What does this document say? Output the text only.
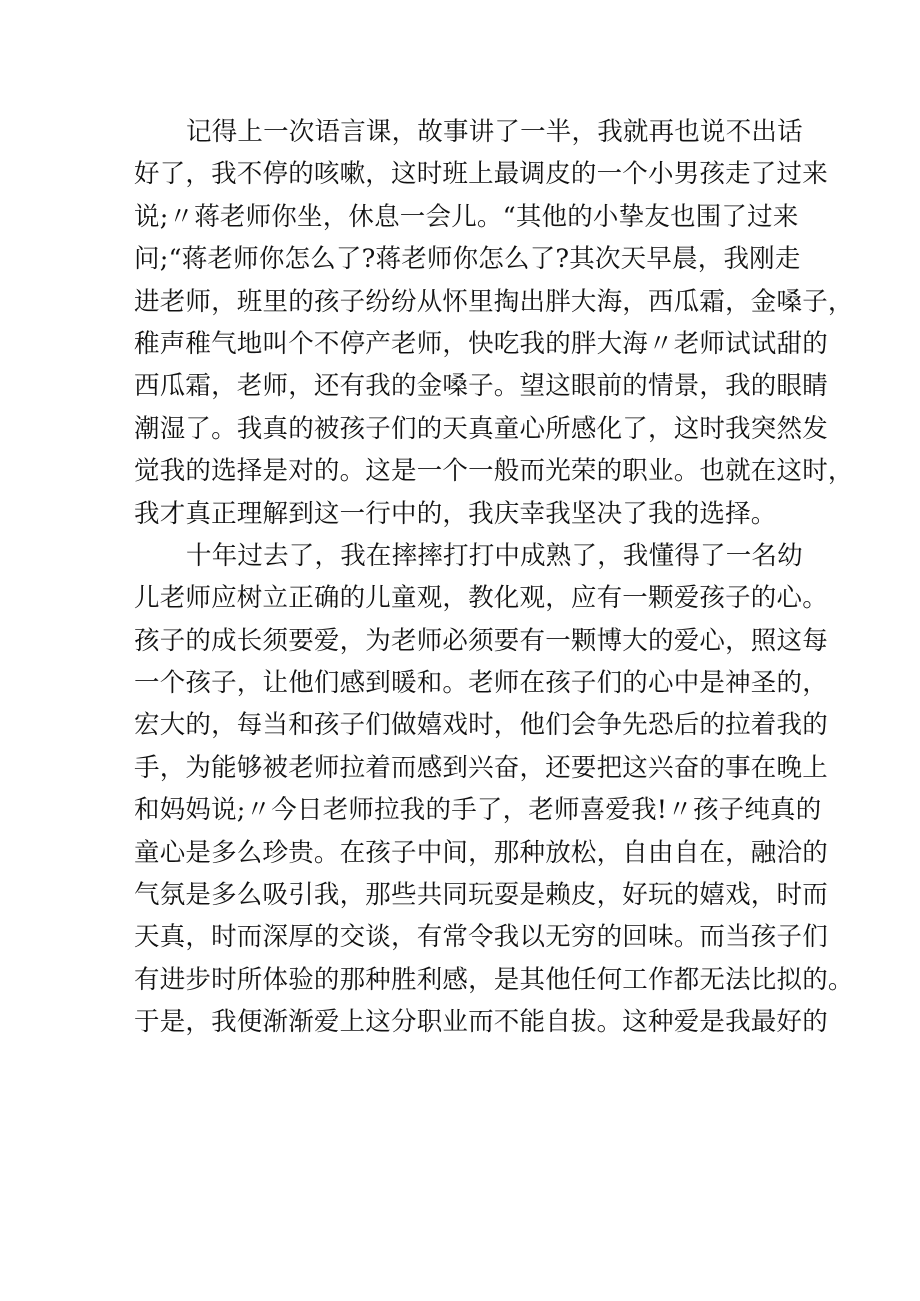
记得上一次语言课，故事讲了一半，我就再也说不出话

好了，我不停的咳嗽，这时班上最调皮的一个小男孩走了过来

说;〃蒋老师你坐，休息一会儿。“其他的小挚友也围了过来

问;“蒋老师你怎么了?蒋老师你怎么了?其次天早晨，我刚走

进老师，班里的孩子纷纷从怀里掏出胖大海，西瓜霜，金嗓子，

稚声稚气地叫个不停产老师，快吃我的胖大海〃老师试试甜的

西瓜霜，老师，还有我的金嗓子。望这眼前的情景，我的眼睛

潮湿了。我真的被孩子们的天真童心所感化了，这时我突然发

觉我的选择是对的。这是一个一般而光荣的职业。也就在这时，

我才真正理解到这一行中的，我庆幸我坚决了我的选择。

十年过去了，我在摔摔打打中成熟了，我懂得了一名幼

儿老师应树立正确的儿童观，教化观，应有一颗爱孩子的心。

孩子的成长须要爱，为老师必须要有一颗博大的爱心，照这每

一个孩子，让他们感到暖和。老师在孩子们的心中是神圣的，

宏大的，每当和孩子们做嬉戏时，他们会争先恐后的拉着我的

手，为能够被老师拉着而感到兴奋，还要把这兴奋的事在晚上

和妈妈说;〃今日老师拉我的手了，老师喜爱我!〃孩子纯真的

童心是多么珍贵。在孩子中间，那种放松，自由自在，融洽的

气氛是多么吸引我，那些共同玩耍是赖皮，好玩的嬉戏，时而

天真，时而深厚的交谈，有常令我以无穷的回味。而当孩子们

有进步时所体验的那种胜利感，是其他任何工作都无法比拟的。

于是，我便渐渐爱上这分职业而不能自拔。这种爱是我最好的
